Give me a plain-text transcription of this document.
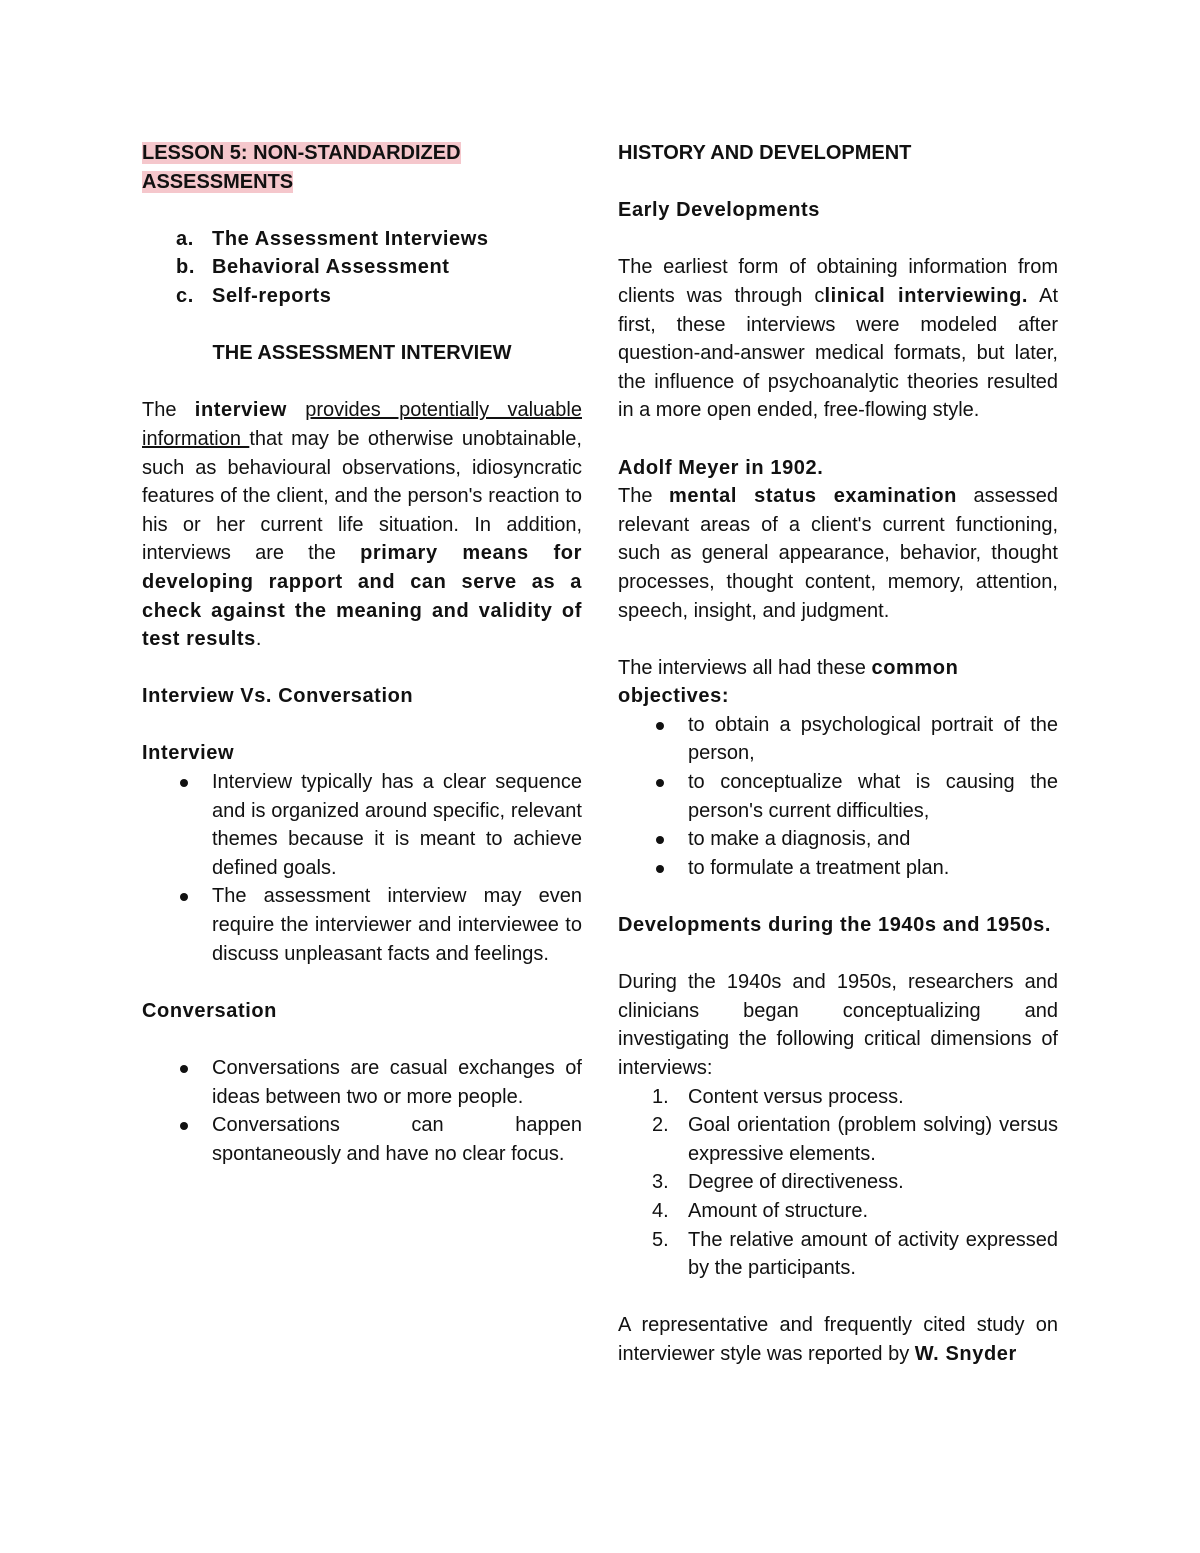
LESSON 5: NON-STANDARDIZED
ASSESSMENTS

a. The Assessment Interviews
b. Behavioral Assessment
c. Self-reports

THE ASSESSMENT INTERVIEW

The interview provides potentially valuable information that may be otherwise unobtainable, such as behavioural observations, idiosyncratic features of the client, and the person's reaction to his or her current life situation. In addition, interviews are the primary means for developing rapport and can serve as a check against the meaning and validity of test results.

Interview Vs. Conversation

Interview

Interview typically has a clear sequence and is organized around specific, relevant themes because it is meant to achieve defined goals.
The assessment interview may even require the interviewer and interviewee to discuss unpleasant facts and feelings.

Conversation

Conversations are casual exchanges of ideas between two or more people.
Conversations can happen spontaneously and have no clear focus.

HISTORY AND DEVELOPMENT

Early Developments

The earliest form of obtaining information from clients was through clinical interviewing. At first, these interviews were modeled after question-and-answer medical formats, but later, the influence of psychoanalytic theories resulted in a more open ended, free-flowing style.

Adolf Meyer in 1902.

The mental status examination assessed relevant areas of a client's current functioning, such as general appearance, behavior, thought processes, thought content, memory, attention, speech, insight, and judgment.

The interviews all had these common
objectives:

to obtain a psychological portrait of the person,
to conceptualize what is causing the person's current difficulties,
to make a diagnosis, and
to formulate a treatment plan.

Developments during the 1940s and 1950s.

During the 1940s and 1950s, researchers and clinicians began conceptualizing and investigating the following critical dimensions of interviews:

1. Content versus process.
2. Goal orientation (problem solving) versus expressive elements.
3. Degree of directiveness.
4. Amount of structure.
5. The relative amount of activity expressed by the participants.

A representative and frequently cited study on interviewer style was reported by W. Snyder
